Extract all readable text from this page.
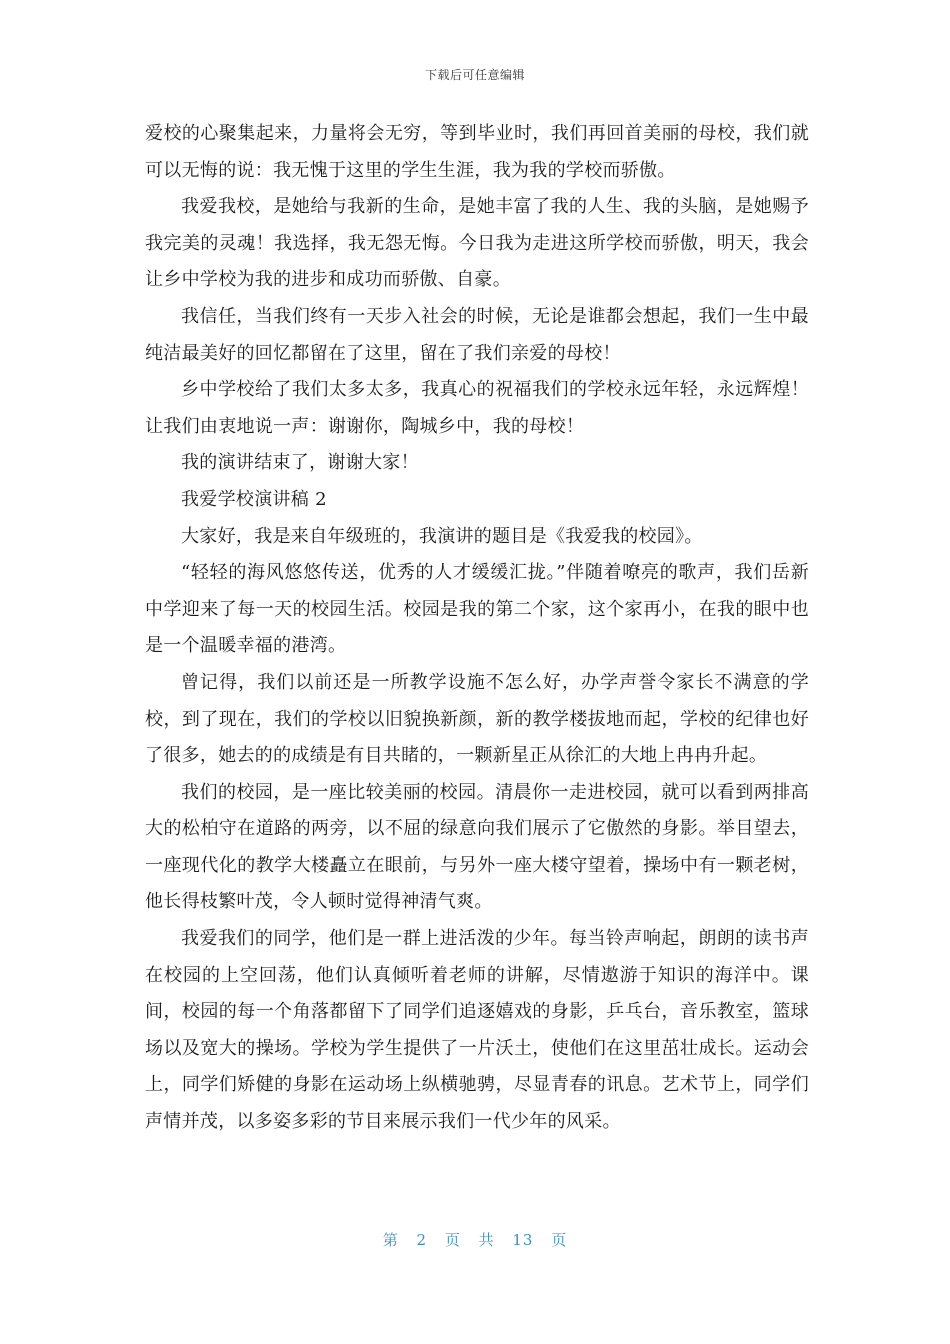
下载后可任意编辑

爱校的心聚集起来，力量将会无穷，等到毕业时，我们再回首美丽的母校，我们就可以无悔的说：我无愧于这里的学生生涯，我为我的学校而骄傲。

我爱我校，是她给与我新的生命，是她丰富了我的人生、我的头脑，是她赐予我完美的灵魂！我选择，我无怨无悔。今日我为走进这所学校而骄傲，明天，我会让乡中学校为我的进步和成功而骄傲、自豪。

我信任，当我们终有一天步入社会的时候，无论是谁都会想起，我们一生中最纯洁最美好的回忆都留在了这里，留在了我们亲爱的母校！

乡中学校给了我们太多太多，我真心的祝福我们的学校永远年轻，永远辉煌！让我们由衷地说一声：谢谢你，陶城乡中，我的母校！

我的演讲结束了，谢谢大家！

我爱学校演讲稿 2

大家好，我是来自年级班的，我演讲的题目是《我爱我的校园》。

“轻轻的海风悠悠传送，优秀的人才缓缓汇拢。”伴随着嘹亮的歌声，我们岳新中学迎来了每一天的校园生活。校园是我的第二个家，这个家再小，在我的眼中也是一个温暖幸福的港湾。

曾记得，我们以前还是一所教学设施不怎么好，办学声誉令家长不满意的学校，到了现在，我们的学校以旧貌换新颜，新的教学楼拔地而起，学校的纪律也好了很多，她去的的成绩是有目共睹的，一颗新星正从徐汇的大地上冉冉升起。

我们的校园，是一座比较美丽的校园。清晨你一走进校园，就可以看到两排高大的松柏守在道路的两旁，以不屈的绿意向我们展示了它傲然的身影。举目望去，一座现代化的教学大楼矗立在眼前，与另外一座大楼守望着，操场中有一颗老树，他长得枝繁叶茂，令人顿时觉得神清气爽。

我爱我们的同学，他们是一群上进活泼的少年。每当铃声响起，朗朗的读书声在校园的上空回荡，他们认真倾听着老师的讲解，尽情遨游于知识的海洋中。课间，校园的每一个角落都留下了同学们追逐嬉戏的身影，乒乓台，音乐教室，篮球场以及宽大的操场。学校为学生提供了一片沃土，使他们在这里茁壮成长。运动会上，同学们矫健的身影在运动场上纵横驰骋，尽显青春的讯息。艺术节上，同学们声情并茂，以多姿多彩的节目来展示我们一代少年的风采。

第 2 页 共 13 页
